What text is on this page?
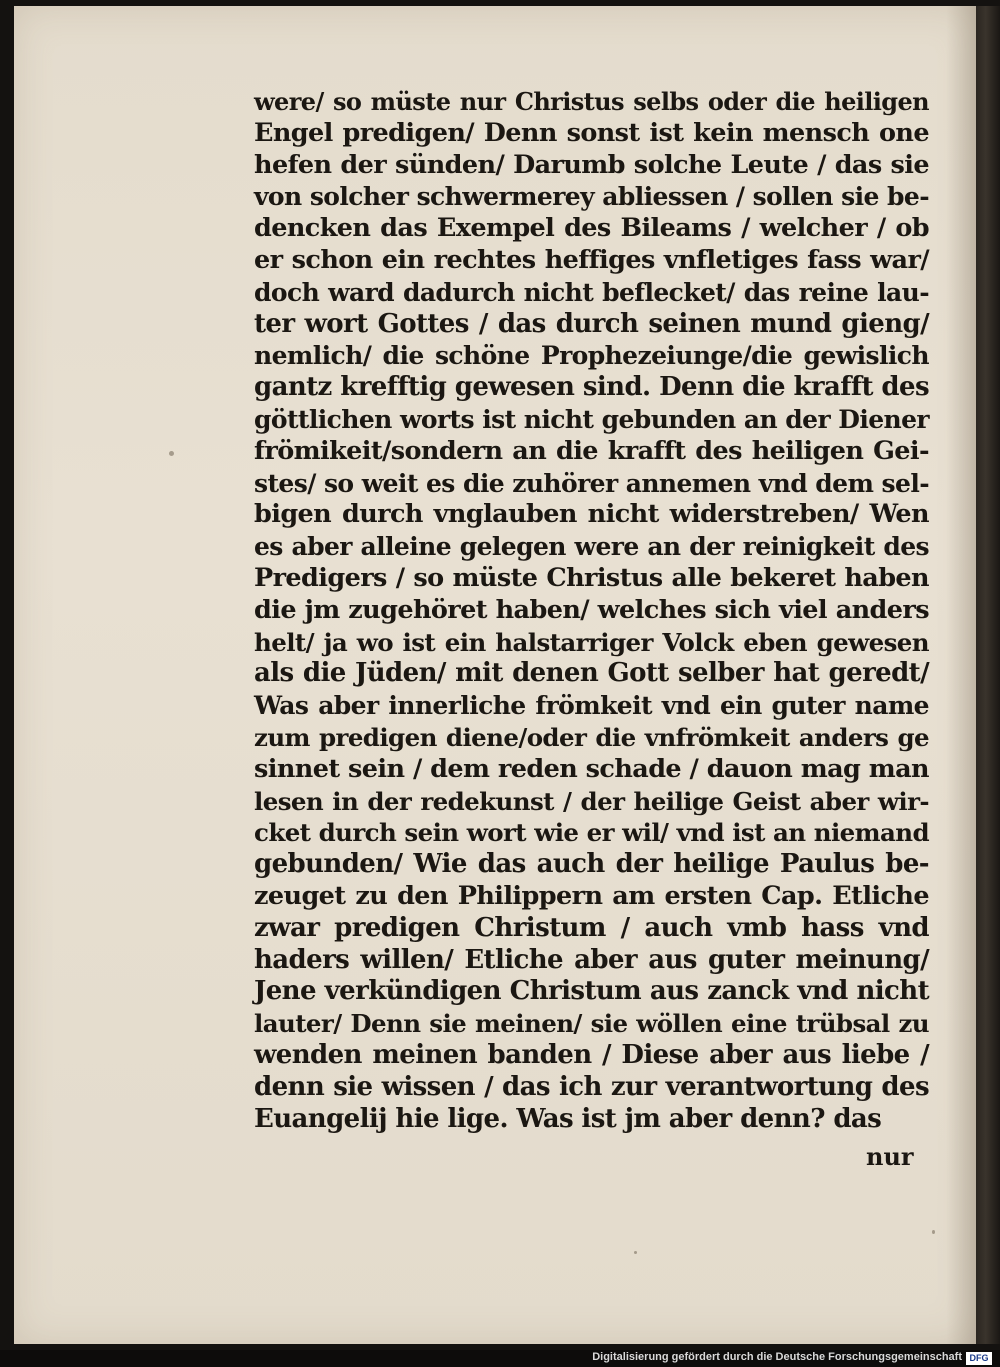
were/ so müste nur Christus selbs oder die heiligen
Engel predigen/ Denn sonst ist kein mensch one
hefen der sünden/ Darumb solche Leute / das sie
von solcher schwermerey abliessen / sollen sie be-
dencken das Exempel des Bileams / welcher / ob
er schon ein rechtes heffiges vnfletiges fass war/
doch ward dadurch nicht beflecket/ das reine lau-
ter wort Gottes / das durch seinen mund gieng/
nemlich/ die schöne Prophezeiunge/die gewislich
gantz krefftig gewesen sind. Denn die krafft des
göttlichen worts ist nicht gebunden an der Diener
frömikeit/sondern an die krafft des heiligen Gei-
stes/ so weit es die zuhörer annemen vnd dem sel-
bigen durch vnglauben nicht widerstreben/ Wen
es aber alleine gelegen were an der reinigkeit des
Predigers / so müste Christus alle bekeret haben
die jm zugehöret haben/ welches sich viel anders
helt/ ja wo ist ein halstarriger Volck eben gewesen
als die Jüden/ mit denen Gott selber hat geredt/
Was aber innerliche frömkeit vnd ein guter name
zum predigen diene/oder die vnfrömkeit anders ge
sinnet sein / dem reden schade / dauon mag man
lesen in der redekunst / der heilige Geist aber wir-
cket durch sein wort wie er wil/ vnd ist an niemand
gebunden/ Wie das auch der heilige Paulus be-
zeuget zu den Philippern am ersten Cap. Etliche
zwar predigen Christum / auch vmb hass vnd
haders willen/ Etliche aber aus guter meinung/
Jene verkündigen Christum aus zanck vnd nicht
lauter/ Denn sie meinen/ sie wöllen eine trübsal zu
wenden meinen banden / Diese aber aus liebe /
denn sie wissen / das ich zur verantwortung des
Euangelij hie lige. Was ist jm aber denn? das
nur
Digitalisierung gefördert durch die Deutsche Forschungsgemeinschaft DFG
